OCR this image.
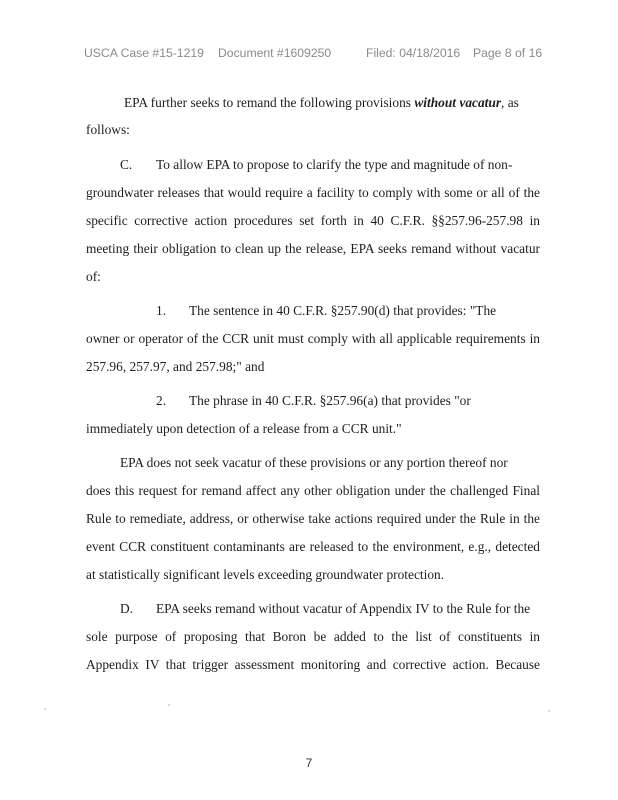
USCA Case #15-1219 Document #1609250	Filed: 04/18/2016 Page 8 of 16
EPA further seeks to remand the following provisions without vacatur, as
follows:
C. To allow EPA to propose to clarify the type and magnitude of non-
groundwater releases that would require a facility to comply with some or all of the
specific corrective action procedures set forth in 40 C.F.R. §§257.96-257.98 in
meeting their obligation to clean up the release, EPA seeks remand without vacatur
of:
1. The sentence in 40 C.F.R. §257.90(d) that provides: "The
owner or operator of the CCR unit must comply with all applicable requirements in
257.96, 257.97, and 257.98;" and
2. The phrase in 40 C.F.R. §257.96(a) that provides "or
immediately upon detection of a release from a CCR unit."
EPA does not seek vacatur of these provisions or any portion thereof nor
does this request for remand affect any other obligation under the challenged Final
Rule to remediate, address, or otherwise take actions required under the Rule in the
event CCR constituent contaminants are released to the environment, e.g., detected
at statistically significant levels exceeding groundwater protection.
D. EPA seeks remand without vacatur of Appendix IV to the Rule for the
sole purpose of proposing that Boron be added to the list of constituents in
Appendix IV that trigger assessment monitoring and corrective action. Because
7
